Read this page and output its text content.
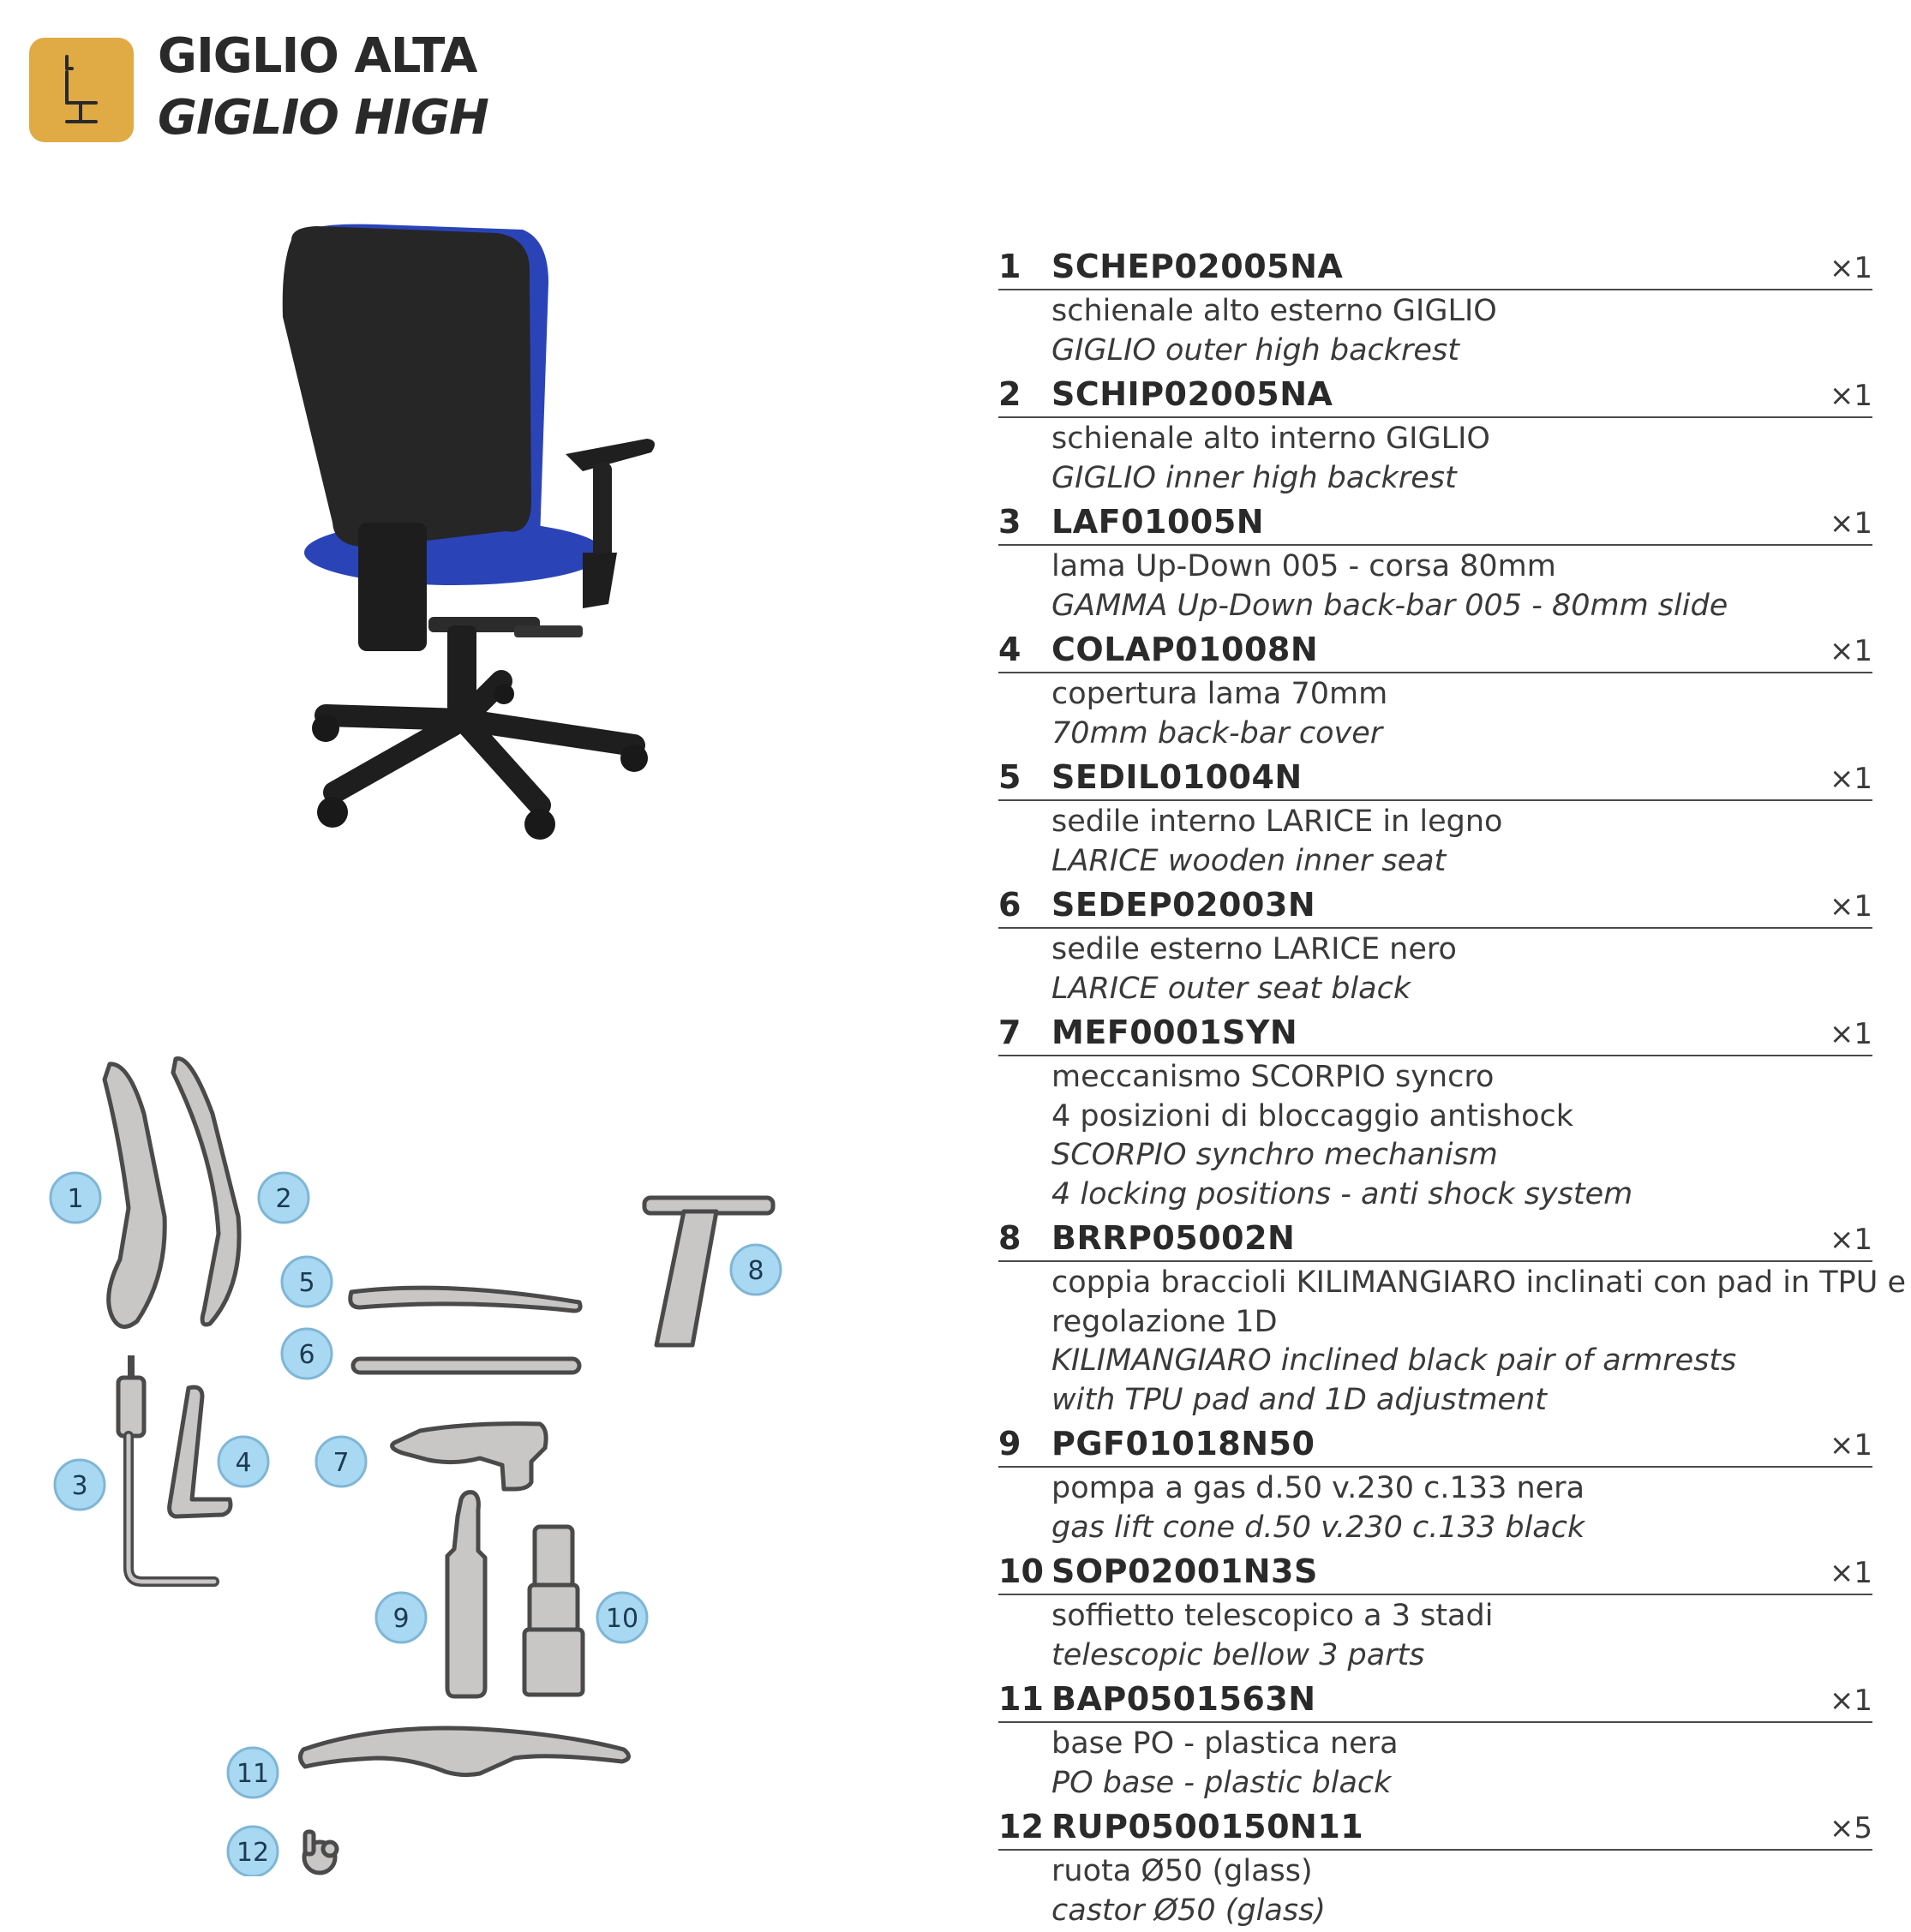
GIGLIO ALTA
GIGLIO HIGH
1	2
3
4
5
6
7
8
9	10
11
12
1 SCHEP02005NA	×1
schienale alto esterno GIGLIO
GIGLIO outer high backrest
2 SCHIP02005NA	×1
schienale alto interno GIGLIO
GIGLIO inner high backrest
3 LAF01005N	×1
lama Up-Down 005 - corsa 80mm
GAMMA Up-Down back-bar 005 - 80mm slide
4 COLAP01008N	×1
copertura lama 70mm
70mm back-bar cover
5 SEDIL01004N	×1
sedile interno LARICE in legno
LARICE wooden inner seat
6 SEDEP02003N	×1
sedile esterno LARICE nero
LARICE outer seat black
7 MEF0001SYN	×1
meccanismo SCORPIO syncro
4 posizioni di bloccaggio antishock
SCORPIO synchro mechanism
4 locking positions - anti shock system
8 BRRP05002N	×1
coppia braccioli KILIMANGIARO inclinati con pad in TPU e
regolazione 1D
KILIMANGIARO inclined black pair of armrests
with TPU pad and 1D adjustment
9 PGF01018N50	×1
pompa a gas d.50 v.230 c.133 nera
gas lift cone d.50 v.230 c.133 black
10 SOP02001N3S	×1
soffietto telescopico a 3 stadi
telescopic bellow 3 parts
11 BAP0501563N	×1
base PO - plastica nera
PO base - plastic black
12 RUP0500150N11	×5
ruota Ø50 (glass)
castor Ø50 (glass)
